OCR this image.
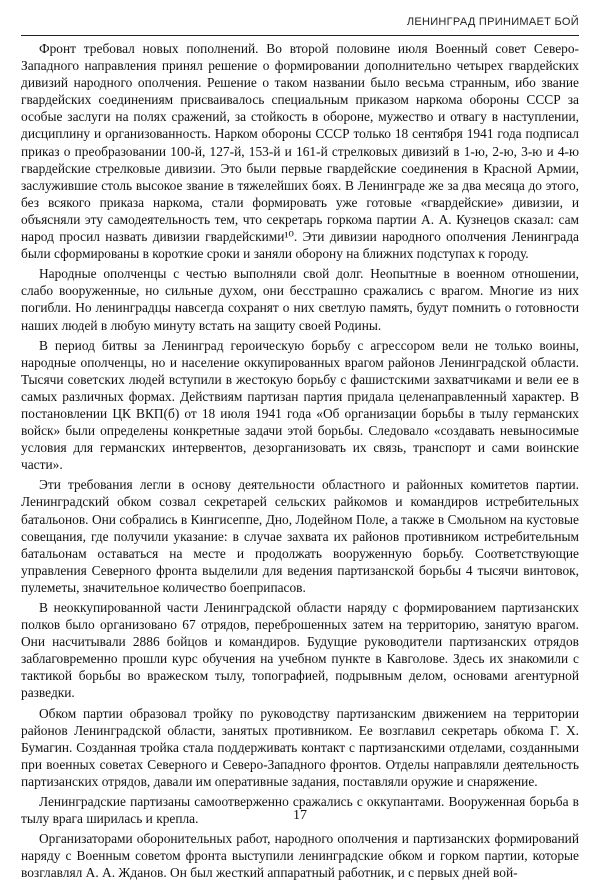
ЛЕНИНГРАД ПРИНИМАЕТ БОЙ

Фронт требовал новых пополнений. Во второй половине июля Военный совет Северо-Западного направления принял решение о формировании дополнительно четырех гвардейских дивизий народного ополчения. Решение о таком названии было весьма странным, ибо звание гвардейских соединениям присваивалось специальным приказом наркома обороны СССР за особые заслуги на полях сражений, за стойкость в обороне, мужество и отвагу в наступлении, дисциплину и организованность. Нарком обороны СССР только 18 сентября 1941 года подписал приказ о преобразовании 100-й, 127-й, 153-й и 161-й стрелковых дивизий в 1-ю, 2-ю, 3-ю и 4-ю гвардейские стрелковые дивизии. Это были первые гвардейские соединения в Красной Армии, заслужившие столь высокое звание в тяжелейших боях. В Ленинграде же за два месяца до этого, без всякого приказа наркома, стали формировать уже готовые «гвардейские» дивизии, и объясняли эту самодеятельность тем, что секретарь горкома партии А. А. Кузнецов сказал: сам народ просил назвать дивизии гвардейскими¹⁰. Эти дивизии народного ополчения Ленинграда были сформированы в короткие сроки и заняли оборону на ближних подступах к городу.

Народные ополченцы с честью выполняли свой долг. Неопытные в военном отношении, слабо вооруженные, но сильные духом, они бесстрашно сражались с врагом. Многие из них погибли. Но ленинградцы навсегда сохранят о них светлую память, будут помнить о готовности наших людей в любую минуту встать на защиту своей Родины.

В период битвы за Ленинград героическую борьбу с агрессором вели не только воины, народные ополченцы, но и население оккупированных врагом районов Ленинградской области. Тысячи советских людей вступили в жестокую борьбу с фашистскими захватчиками и вели ее в самых различных формах. Действиям партизан партия придала целенаправленный характер. В постановлении ЦК ВКП(б) от 18 июля 1941 года «Об организации борьбы в тылу германских войск» были определены конкретные задачи этой борьбы. Следовало «создавать невыносимые условия для германских интервентов, дезорганизовать их связь, транспорт и сами воинские части».

Эти требования легли в основу деятельности областного и районных комитетов партии. Ленинградский обком созвал секретарей сельских райкомов и командиров истребительных батальонов. Они собрались в Кингисеппе, Дно, Лодейном Поле, а также в Смольном на кустовые совещания, где получили указание: в случае захвата их районов противником истребительным батальонам оставаться на месте и продолжать вооруженную борьбу. Соответствующие управления Северного фронта выделили для ведения партизанской борьбы 4 тысячи винтовок, пулеметы, значительное количество боеприпасов.

В неоккупированной части Ленинградской области наряду с формированием партизанских полков было организовано 67 отрядов, переброшенных затем на территорию, занятую врагом. Они насчитывали 2886 бойцов и командиров. Будущие руководители партизанских отрядов заблаговременно прошли курс обучения на учебном пункте в Кавголове. Здесь их знакомили с тактикой борьбы во вражеском тылу, топографией, подрывным делом, основами агентурной разведки.

Обком партии образовал тройку по руководству партизанским движением на территории районов Ленинградской области, занятых противником. Ее возглавил секретарь обкома Г. Х. Бумагин. Созданная тройка стала поддерживать контакт с партизанскими отделами, созданными при военных советах Северного и Северо-Западного фронтов. Отделы направляли деятельность партизанских отрядов, давали им оперативные задания, поставляли оружие и снаряжение.

Ленинградские партизаны самоотверженно сражались с оккупантами. Вооруженная борьба в тылу врага ширилась и крепла.

Организаторами оборонительных работ, народного ополчения и партизанских формирований наряду с Военным советом фронта выступили ленинградские обком и горком партии, которые возглавлял А. А. Жданов. Он был жесткий аппаратный работник, и с первых дней вой-

17
